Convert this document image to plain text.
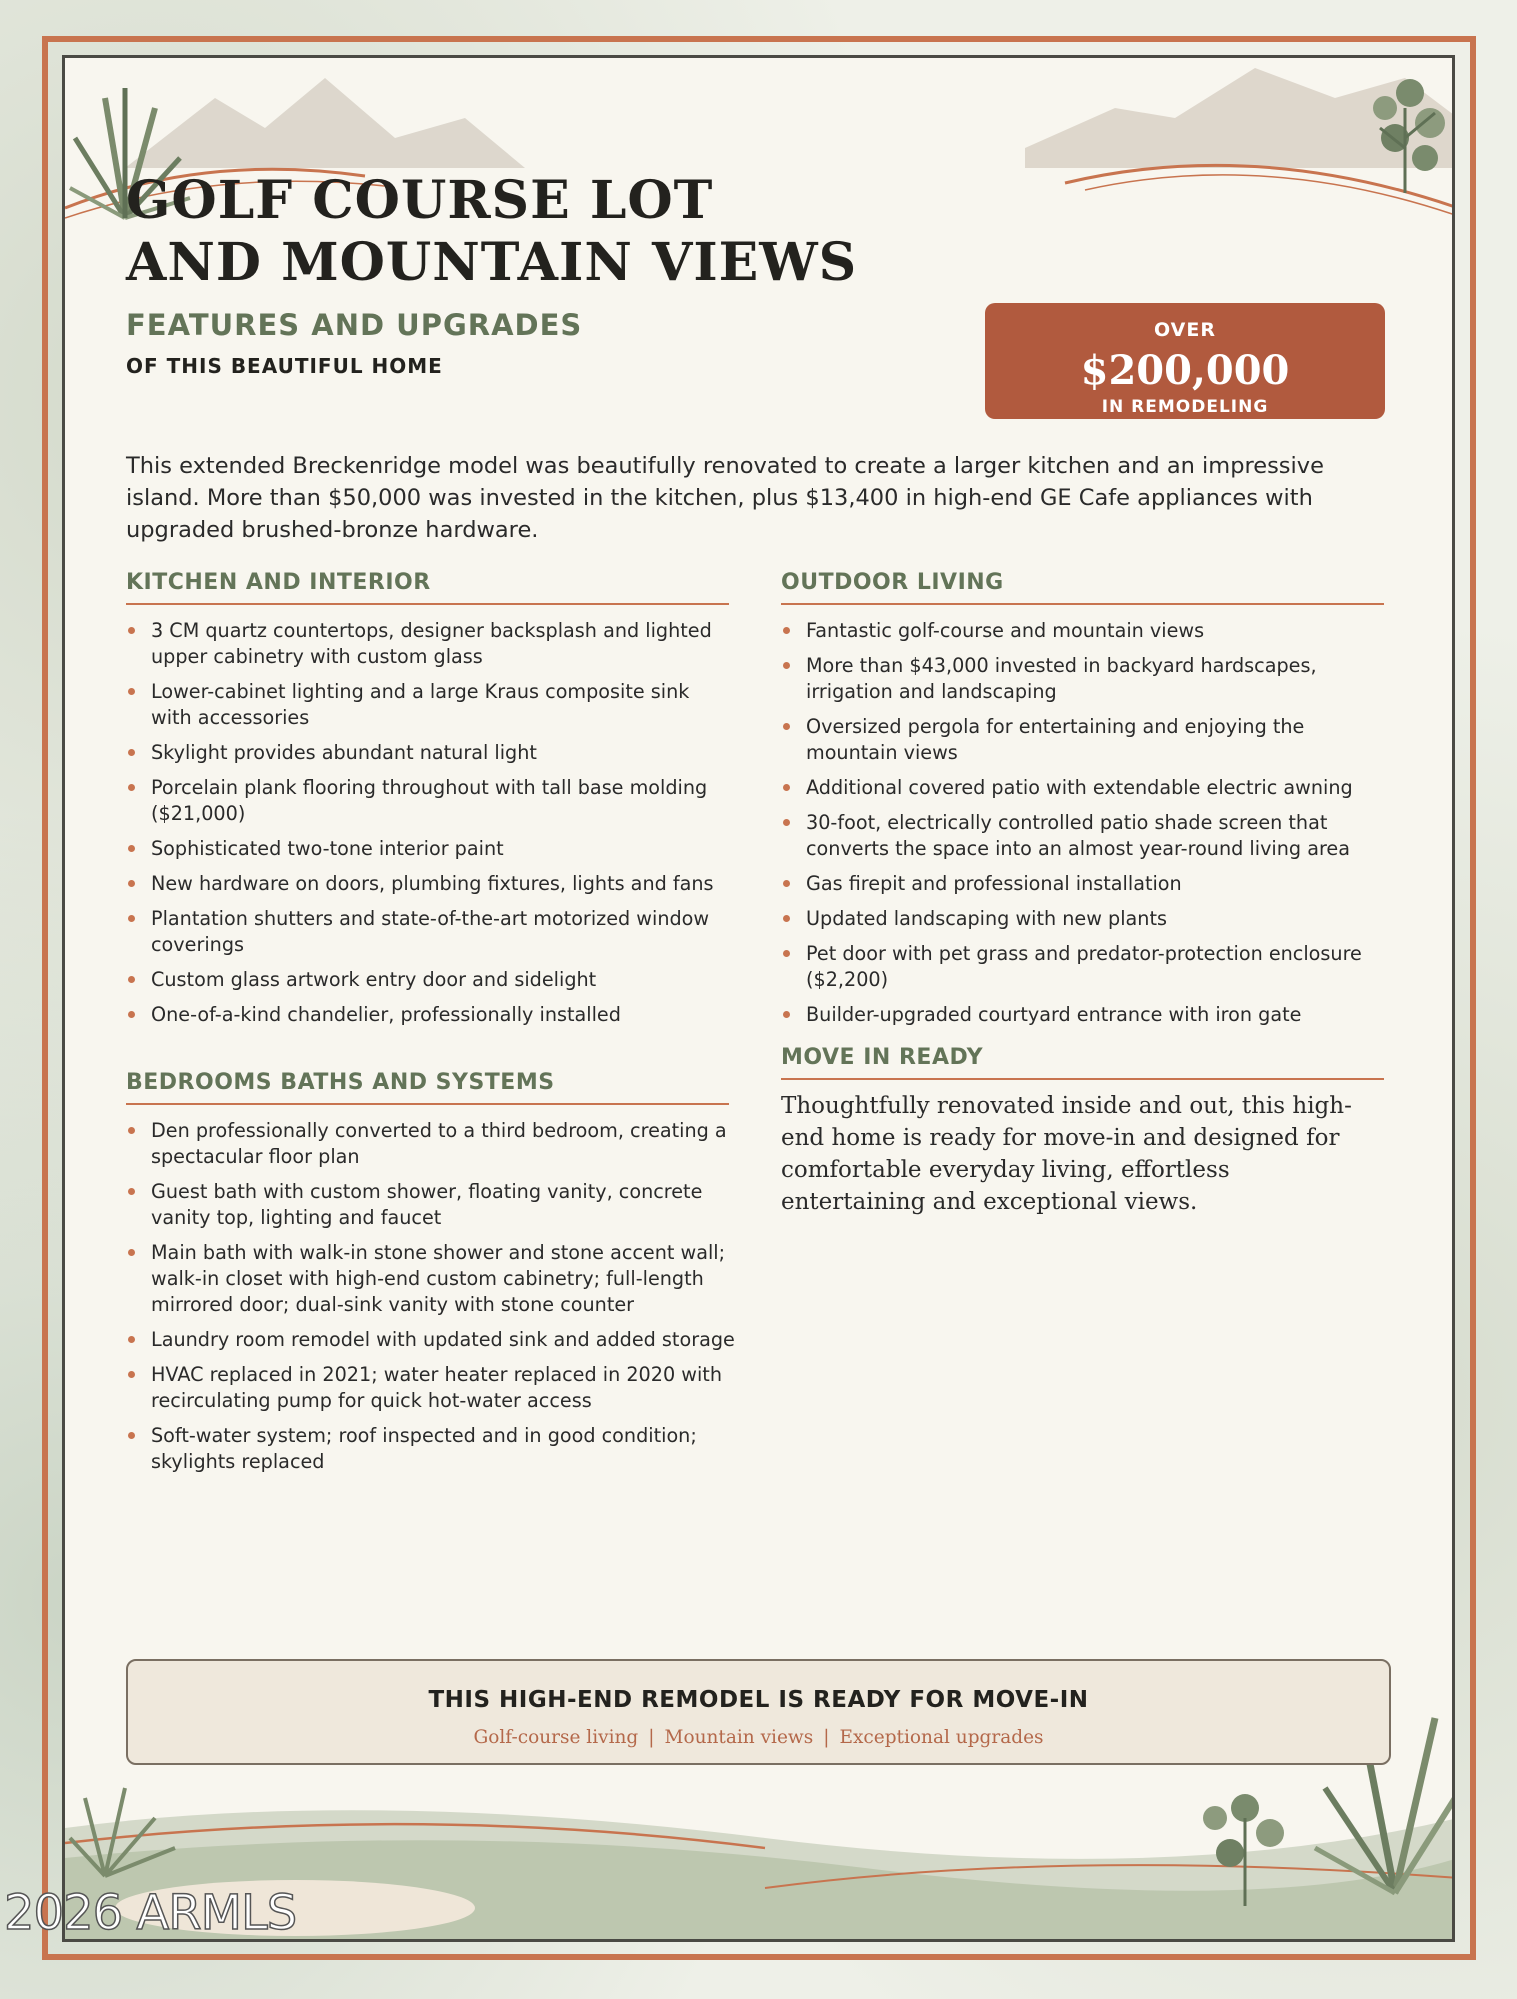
GOLF COURSE LOT
AND MOUNTAIN VIEWS
FEATURES AND UPGRADES
OF THIS BEAUTIFUL HOME
OVER
$200,000
IN REMODELING
This extended Breckenridge model was beautifully renovated to create a larger kitchen and an impressive island. More than $50,000 was invested in the kitchen, plus $13,400 in high-end GE Cafe appliances with upgraded brushed-bronze hardware.
KITCHEN AND INTERIOR
3 CM quartz countertops, designer backsplash and lighted upper cabinetry with custom glass
Lower-cabinet lighting and a large Kraus composite sink with accessories
Skylight provides abundant natural light
Porcelain plank flooring throughout with tall base molding ($21,000)
Sophisticated two-tone interior paint
New hardware on doors, plumbing fixtures, lights and fans
Plantation shutters and state-of-the-art motorized window coverings
Custom glass artwork entry door and sidelight
One-of-a-kind chandelier, professionally installed
BEDROOMS BATHS AND SYSTEMS
Den professionally converted to a third bedroom, creating a spectacular floor plan
Guest bath with custom shower, floating vanity, concrete vanity top, lighting and faucet
Main bath with walk-in stone shower and stone accent wall; walk-in closet with high-end custom cabinetry; full-length mirrored door; dual-sink vanity with stone counter
Laundry room remodel with updated sink and added storage
HVAC replaced in 2021; water heater replaced in 2020 with recirculating pump for quick hot-water access
Soft-water system; roof inspected and in good condition; skylights replaced
OUTDOOR LIVING
Fantastic golf-course and mountain views
More than $43,000 invested in backyard hardscapes, irrigation and landscaping
Oversized pergola for entertaining and enjoying the mountain views
Additional covered patio with extendable electric awning
30-foot, electrically controlled patio shade screen that converts the space into an almost year-round living area
Gas firepit and professional installation
Updated landscaping with new plants
Pet door with pet grass and predator-protection enclosure ($2,200)
Builder-upgraded courtyard entrance with iron gate
MOVE IN READY
Thoughtfully renovated inside and out, this high-end home is ready for move-in and designed for comfortable everyday living, effortless entertaining and exceptional views.
THIS HIGH-END REMODEL IS READY FOR MOVE-IN
Golf-course living | Mountain views | Exceptional upgrades
2026 ARMLS
